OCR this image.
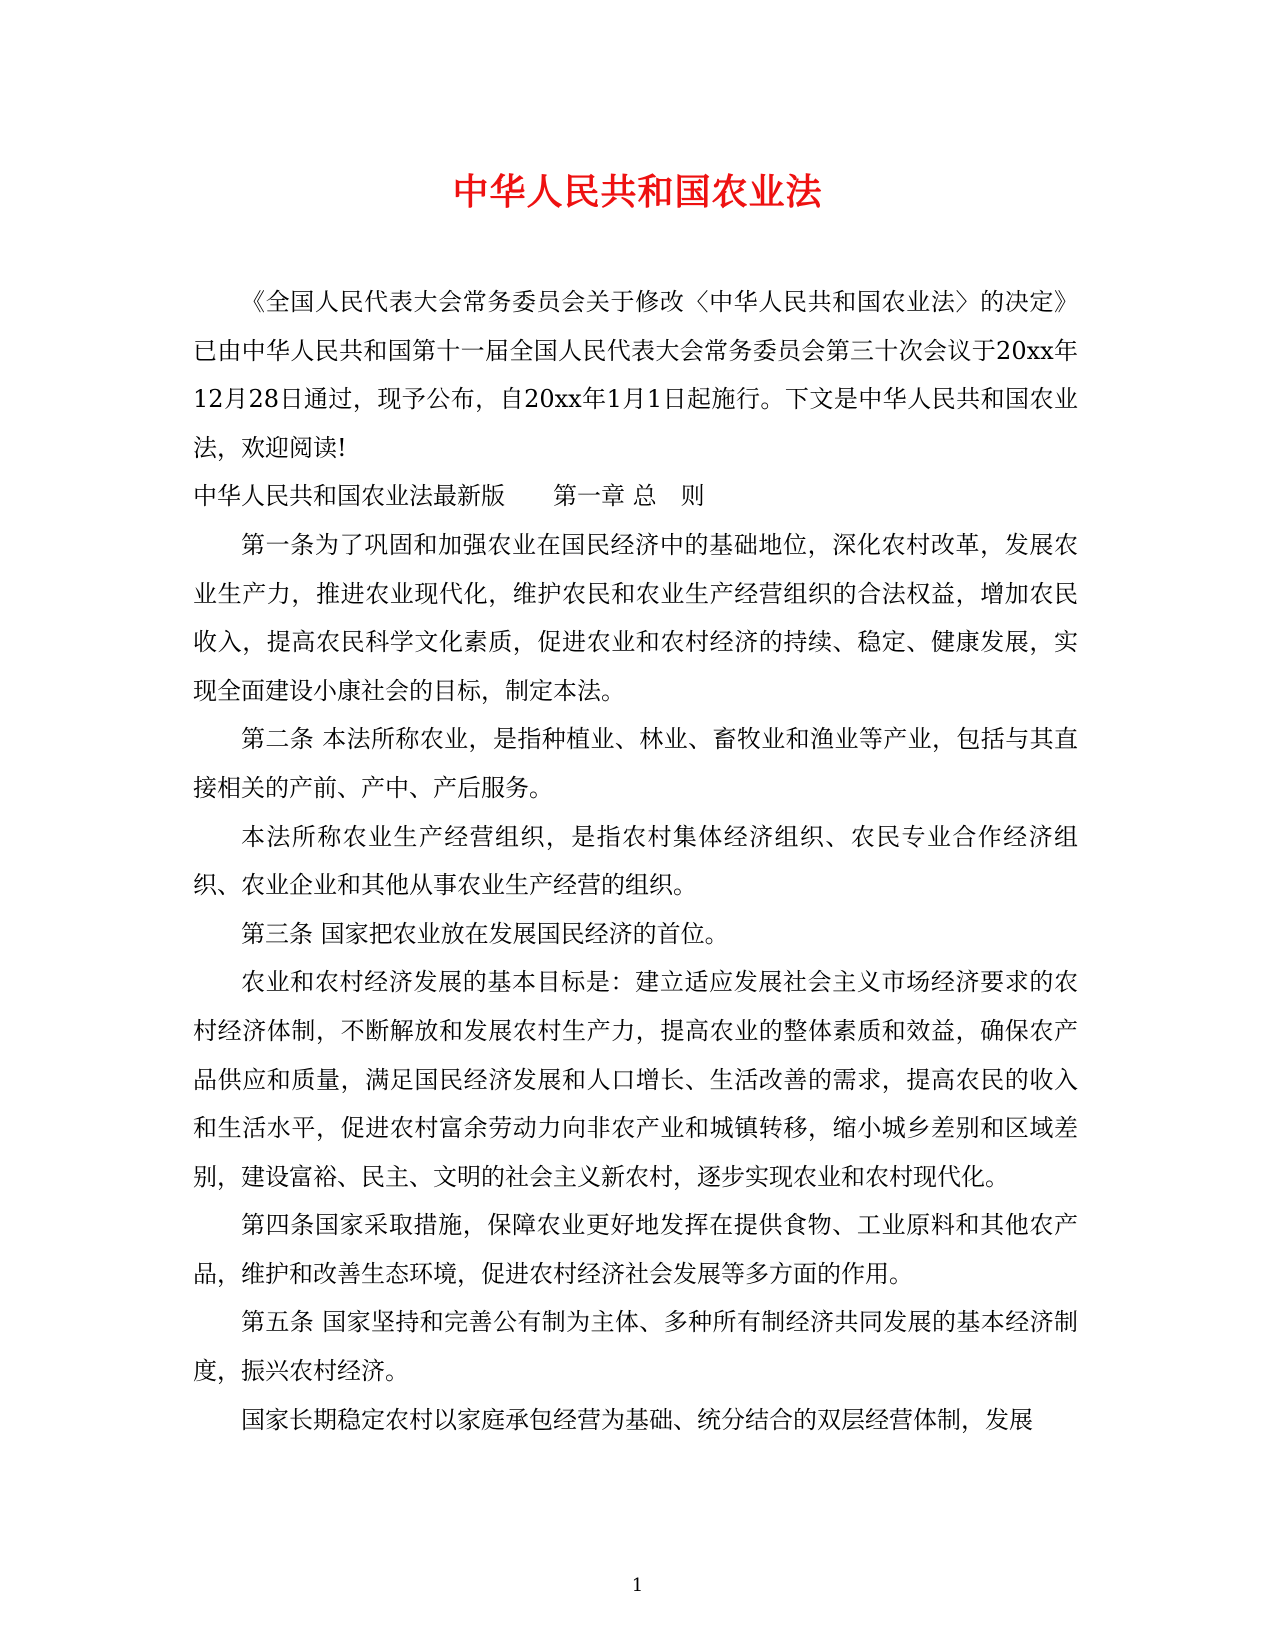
中华人民共和国农业法

《全国人民代表大会常务委员会关于修改〈中华人民共和国农业法〉的决定》已由中华人民共和国第十一届全国人民代表大会常务委员会第三十次会议于20xx年12月28日通过，现予公布，自20xx年1月1日起施行。下文是中华人民共和国农业法，欢迎阅读!

中华人民共和国农业法最新版 第一章 总　则

第一条为了巩固和加强农业在国民经济中的基础地位，深化农村改革，发展农业生产力，推进农业现代化，维护农民和农业生产经营组织的合法权益，增加农民收入，提高农民科学文化素质，促进农业和农村经济的持续、稳定、健康发展，实现全面建设小康社会的目标，制定本法。

第二条 本法所称农业，是指种植业、林业、畜牧业和渔业等产业，包括与其直接相关的产前、产中、产后服务。

本法所称农业生产经营组织，是指农村集体经济组织、农民专业合作经济组织、农业企业和其他从事农业生产经营的组织。

第三条 国家把农业放在发展国民经济的首位。

农业和农村经济发展的基本目标是：建立适应发展社会主义市场经济要求的农村经济体制，不断解放和发展农村生产力，提高农业的整体素质和效益，确保农产品供应和质量，满足国民经济发展和人口增长、生活改善的需求，提高农民的收入和生活水平，促进农村富余劳动力向非农产业和城镇转移，缩小城乡差别和区域差别，建设富裕、民主、文明的社会主义新农村，逐步实现农业和农村现代化。

第四条国家采取措施，保障农业更好地发挥在提供食物、工业原料和其他农产品，维护和改善生态环境，促进农村经济社会发展等多方面的作用。

第五条 国家坚持和完善公有制为主体、多种所有制经济共同发展的基本经济制度，振兴农村经济。

国家长期稳定农村以家庭承包经营为基础、统分结合的双层经营体制，发展

1
